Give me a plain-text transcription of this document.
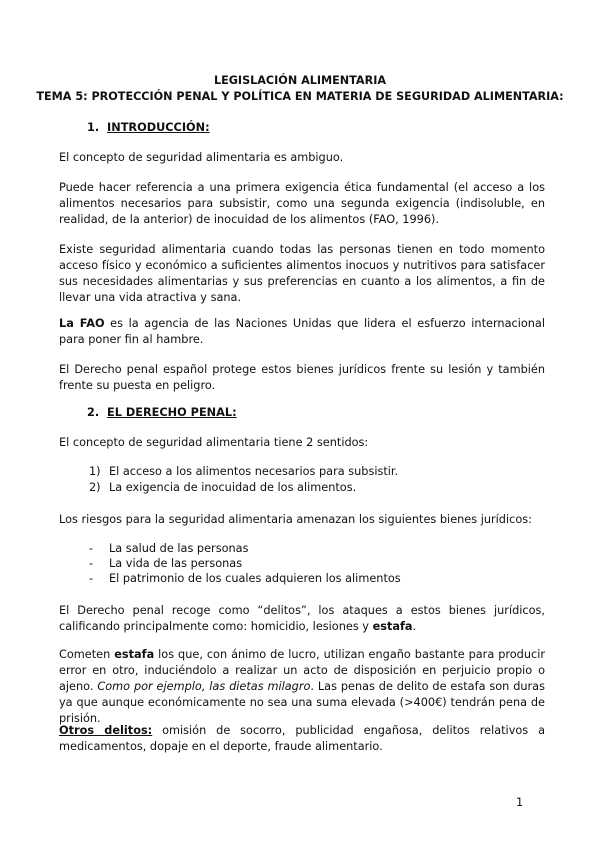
LEGISLACIÓN ALIMENTARIA
TEMA 5: PROTECCIÓN PENAL Y POLÍTICA EN MATERIA DE SEGURIDAD ALIMENTARIA:
1. INTRODUCCIÓN:
El concepto de seguridad alimentaria es ambiguo.
Puede hacer referencia a una primera exigencia ética fundamental (el acceso a los alimentos necesarios para subsistir, como una segunda exigencia (indisoluble, en realidad, de la anterior) de inocuidad de los alimentos (FAO, 1996).
Existe seguridad alimentaria cuando todas las personas tienen en todo momento acceso físico y económico a suficientes alimentos inocuos y nutritivos para satisfacer sus necesidades alimentarias y sus preferencias en cuanto a los alimentos, a fin de llevar una vida atractiva y sana.
La FAO es la agencia de las Naciones Unidas que lidera el esfuerzo internacional para poner fin al hambre.
El Derecho penal español protege estos bienes jurídicos frente su lesión y también frente su puesta en peligro.
2. EL DERECHO PENAL:
El concepto de seguridad alimentaria tiene 2 sentidos:
1) El acceso a los alimentos necesarios para subsistir.
2) La exigencia de inocuidad de los alimentos.
Los riesgos para la seguridad alimentaria amenazan los siguientes bienes jurídicos:
- La salud de las personas
- La vida de las personas
- El patrimonio de los cuales adquieren los alimentos
El Derecho penal recoge como “delitos”, los ataques a estos bienes jurídicos, calificando principalmente como: homicidio, lesiones y estafa.
Cometen estafa los que, con ánimo de lucro, utilizan engaño bastante para producir error en otro, induciéndolo a realizar un acto de disposición en perjuicio propio o ajeno. Como por ejemplo, las dietas milagro. Las penas de delito de estafa son duras ya que aunque económicamente no sea una suma elevada (>400€) tendrán pena de prisión.
Otros delitos: omisión de socorro, publicidad engañosa, delitos relativos a medicamentos, dopaje en el deporte, fraude alimentario.
1
